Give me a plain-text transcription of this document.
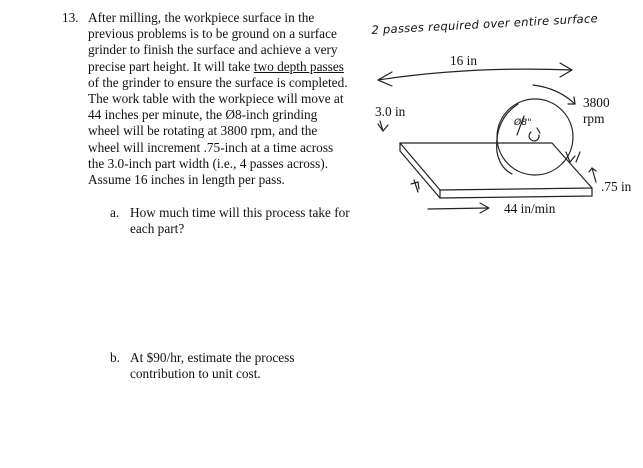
13. After milling, the workpiece surface in the previous problems is to be ground on a surface grinder to finish the surface and achieve a very precise part height. It will take two depth passes of the grinder to ensure the surface is completed. The work table with the workpiece will move at 44 inches per minute, the Ø8-inch grinding wheel will be rotating at 3800 rpm, and the wheel will increment .75-inch at a time across the 3.0-inch part width (i.e., 4 passes across). Assume 16 inches in length per pass.
a. How much time will this process take for each part?
b. At $90/hr, estimate the process contribution to unit cost.
2 passes required over entire surface
16 in
3.0 in
3800
rpm
Ø8"
.75 in
44 in/min
